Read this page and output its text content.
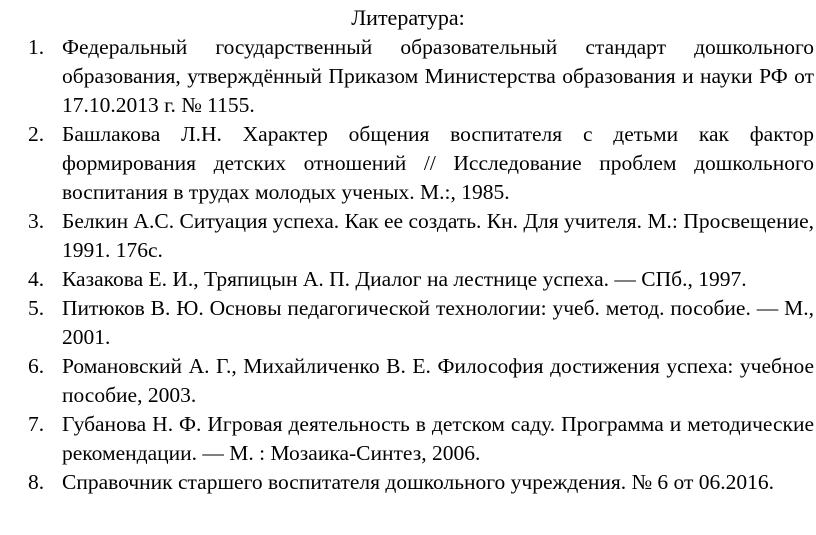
Литература:
1. Федеральный государственный образовательный стандарт дошкольного образования, утверждённый Приказом Министерства образования и науки РФ от 17.10.2013 г. № 1155.
2. Башлакова Л.Н. Характер общения воспитателя с детьми как фактор формирования детских отношений // Исследование проблем дошкольного воспитания в трудах молодых ученых. М.:, 1985.
3. Белкин А.С. Ситуация успеха. Как ее создать. Кн. Для учителя. М.: Просвещение, 1991. 176с.
4. Казакова Е. И., Тряпицын А. П. Диалог на лестнице успеха. — СПб., 1997.
5. Питюков В. Ю. Основы педагогической технологии: учеб. метод. пособие. — М., 2001.
6. Романовский А. Г., Михайличенко В. Е. Философия достижения успеха: учебное пособие, 2003.
7. Губанова Н. Ф. Игровая деятельность в детском саду. Программа и методические рекомендации. — М. : Мозаика-Синтез, 2006.
8. Справочник старшего воспитателя дошкольного учреждения. № 6 от 06.2016.
